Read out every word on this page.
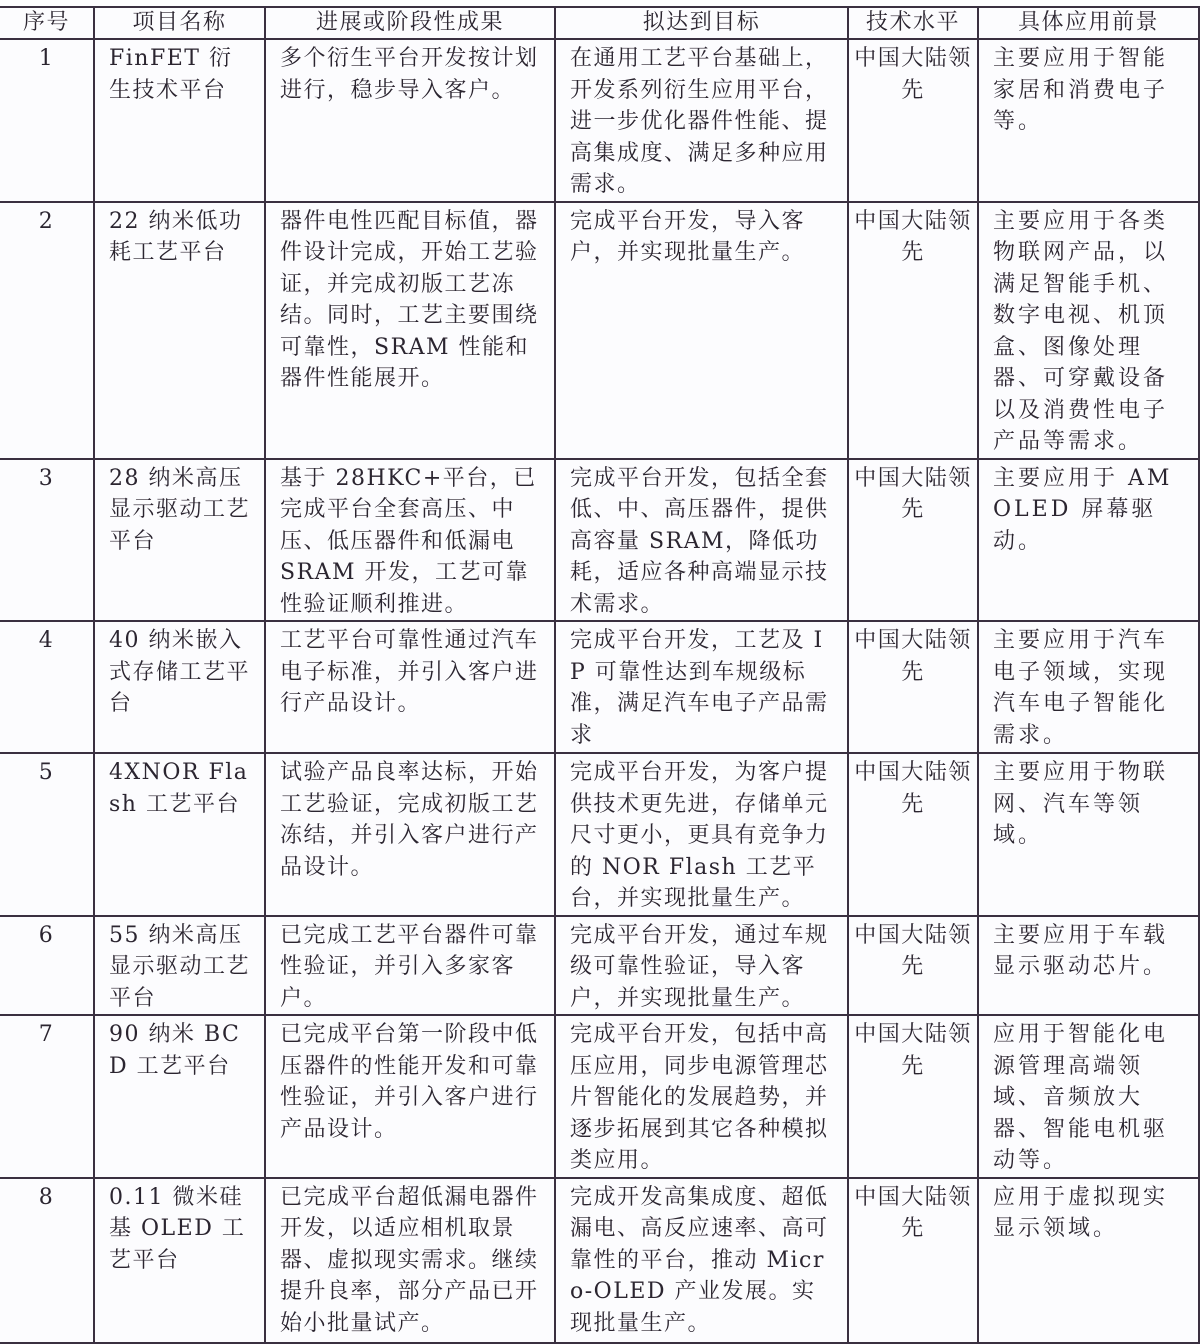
序号	项目名称	进展或阶段性成果	拟达到目标	技术水平	具体应用前景
1	FinFET 衍生技术平台	多个衍生平台开发按计划进行，稳步导入客户。	在通用工艺平台基础上，开发系列衍生应用平台，进一步优化器件性能、提高集成度、满足多种应用需求。	中国大陆领先	主要应用于智能家居和消费电子等。
2	22 纳米低功耗工艺平台	器件电性匹配目标值，器件设计完成，开始工艺验证，并完成初版工艺冻结。同时，工艺主要围绕可靠性，SRAM 性能和器件性能展开。	完成平台开发，导入客户，并实现批量生产。	中国大陆领先	主要应用于各类物联网产品，以满足智能手机、数字电视、机顶盒、图像处理器、可穿戴设备以及消费性电子产品等需求。
3	28 纳米高压显示驱动工艺平台	基于 28HKC+平台，已完成平台全套高压、中压、低压器件和低漏电 SRAM 开发，工艺可靠性验证顺利推进。	完成平台开发，包括全套低、中、高压器件，提供高容量 SRAM，降低功耗，适应各种高端显示技术需求。	中国大陆领先	主要应用于 AMOLED 屏幕驱动。
4	40 纳米嵌入式存储工艺平台	工艺平台可靠性通过汽车电子标准，并引入客户进行产品设计。	完成平台开发，工艺及 IP 可靠性达到车规级标准，满足汽车电子产品需求	中国大陆领先	主要应用于汽车电子领域，实现汽车电子智能化需求。
5	4XNOR Flash 工艺平台	试验产品良率达标，开始工艺验证，完成初版工艺冻结，并引入客户进行产品设计。	完成平台开发，为客户提供技术更先进，存储单元尺寸更小，更具有竞争力的 NOR Flash 工艺平台，并实现批量生产。	中国大陆领先	主要应用于物联网、汽车等领域。
6	55 纳米高压显示驱动工艺平台	已完成工艺平台器件可靠性验证，并引入多家客户。	完成平台开发，通过车规级可靠性验证，导入客户，并实现批量生产。	中国大陆领先	主要应用于车载显示驱动芯片。
7	90 纳米 BCD 工艺平台	已完成平台第一阶段中低压器件的性能开发和可靠性验证，并引入客户进行产品设计。	完成平台开发，包括中高压应用，同步电源管理芯片智能化的发展趋势，并逐步拓展到其它各种模拟类应用。	中国大陆领先	应用于智能化电源管理高端领域、音频放大器、智能电机驱动等。
8	0.11 微米硅基 OLED 工艺平台	已完成平台超低漏电器件开发，以适应相机取景器、虚拟现实需求。继续提升良率，部分产品已开始小批量试产。	完成开发高集成度、超低漏电、高反应速率、高可靠性的平台，推动 Micro-OLED 产业发展。实现批量生产。	中国大陆领先	应用于虚拟现实显示领域。
